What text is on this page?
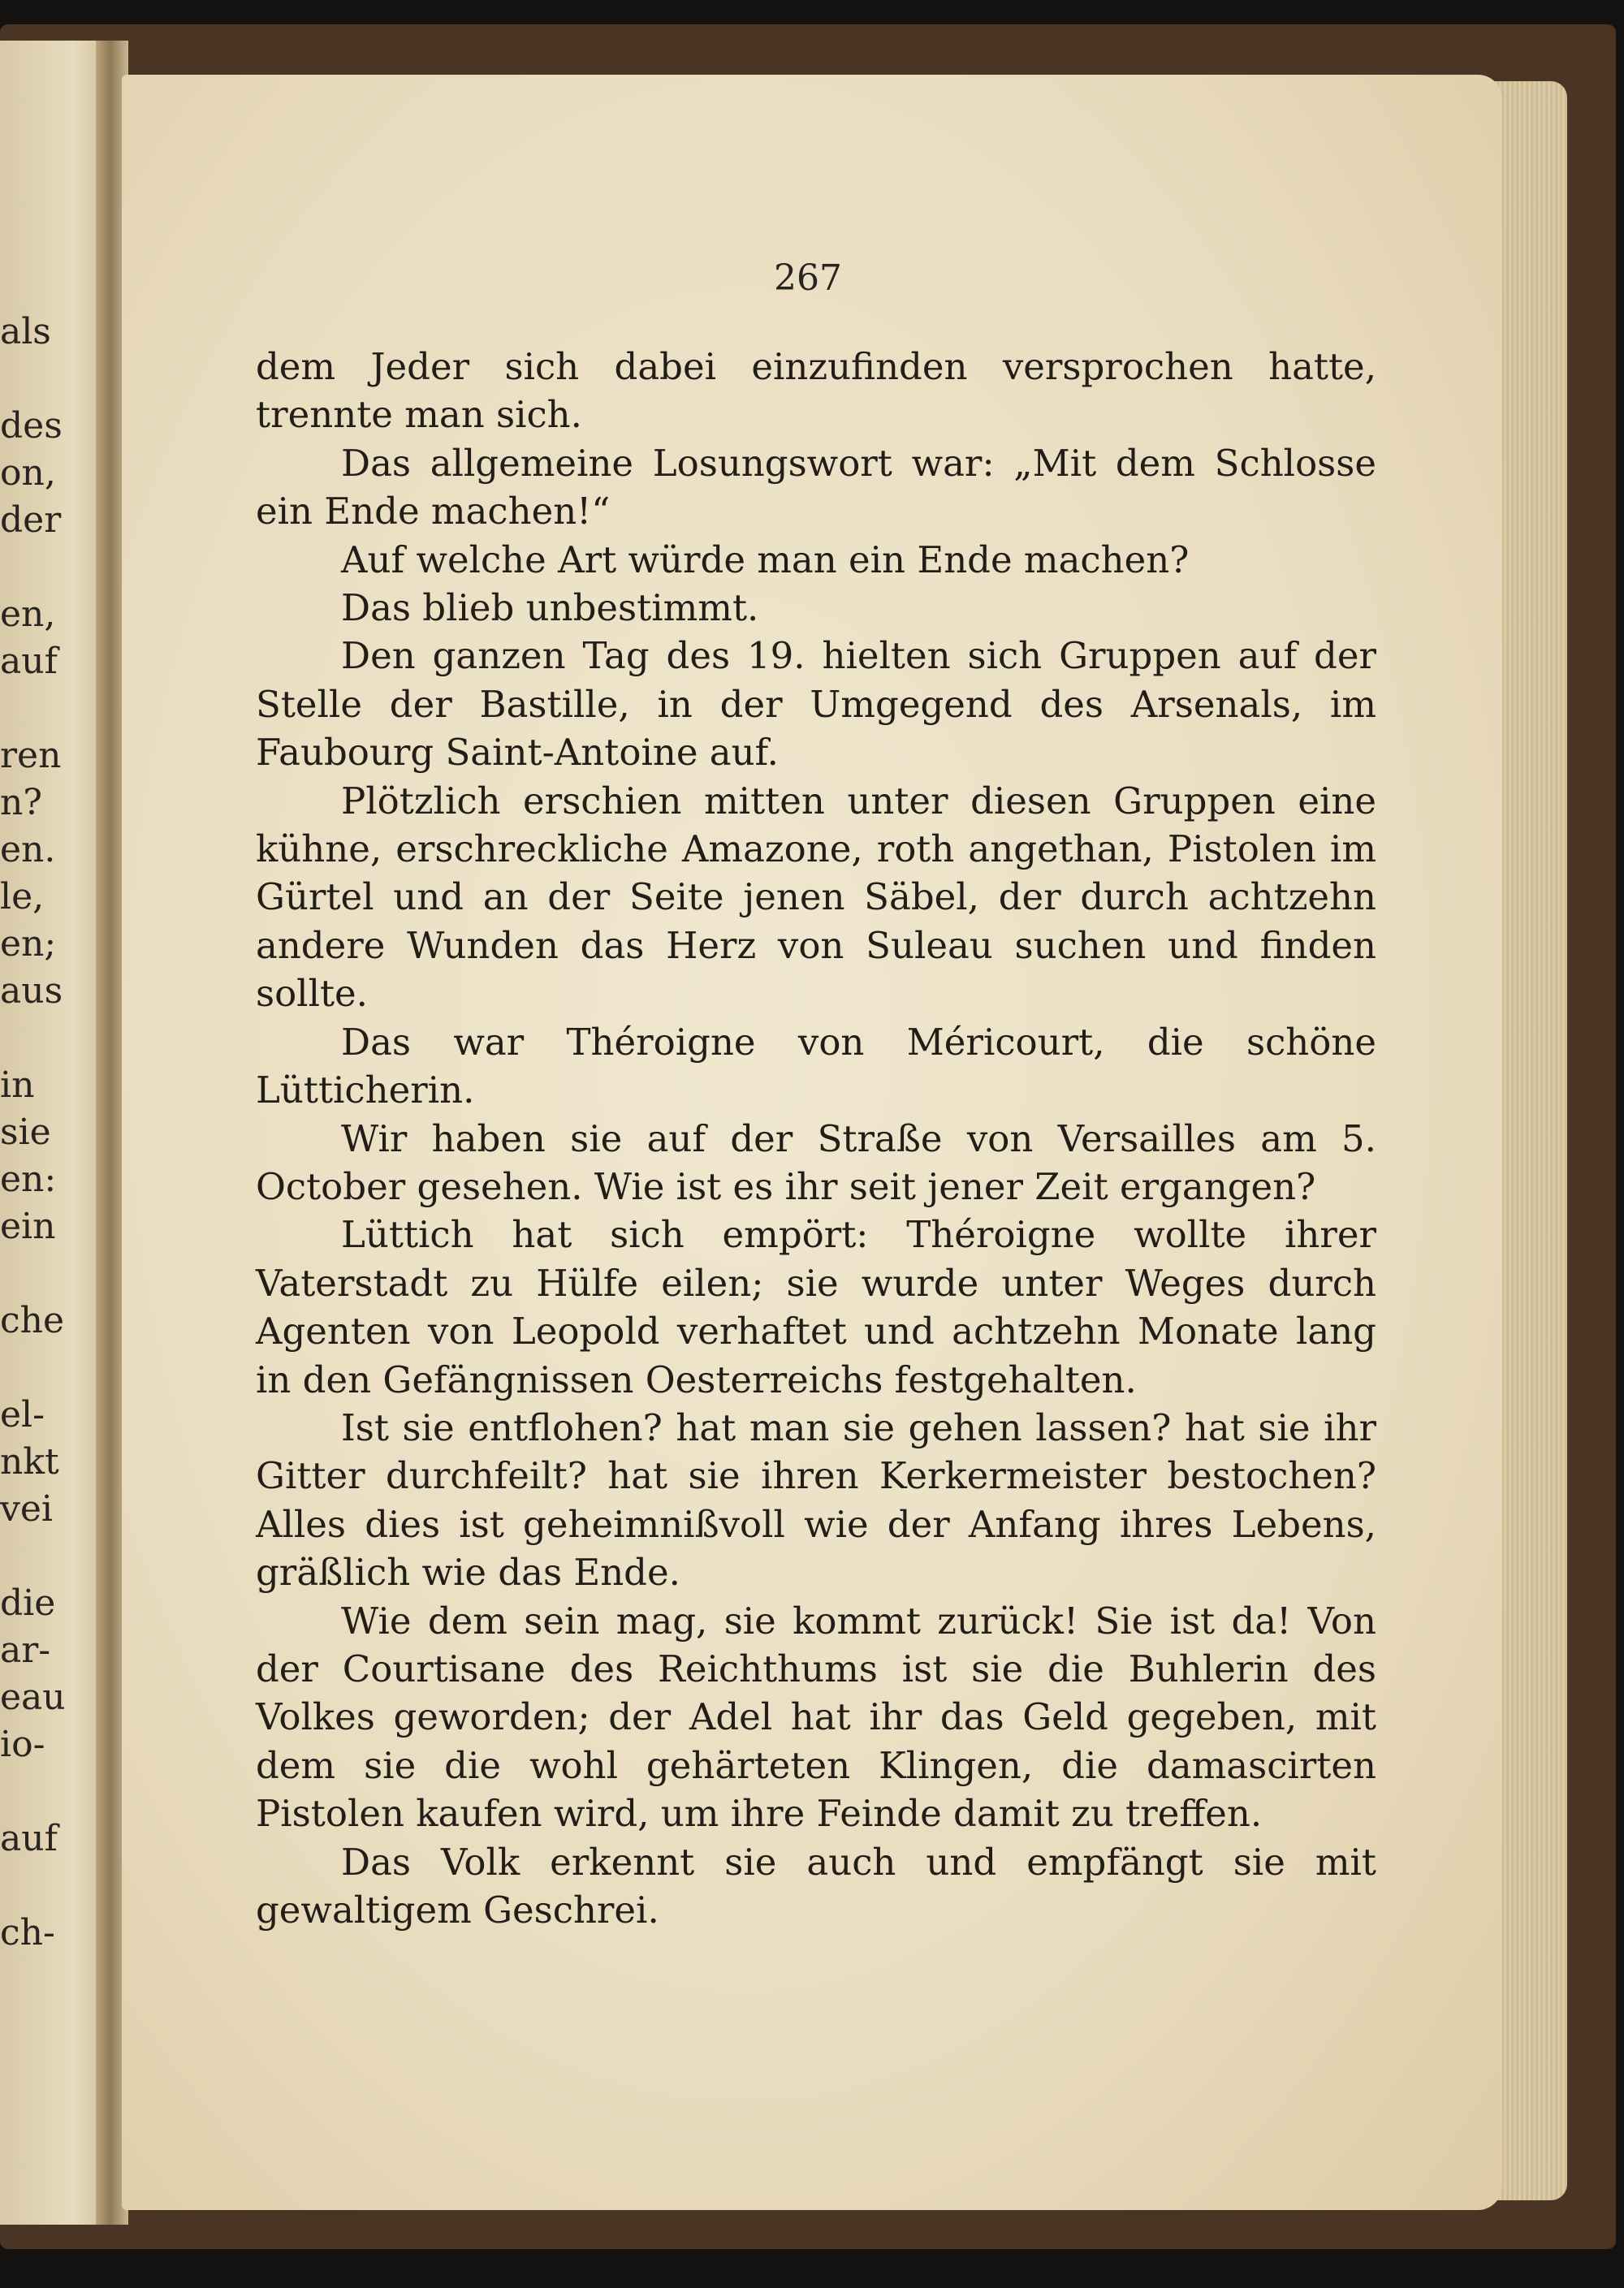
als
des
on,
der
en,
auf
ren
n?
en.
le,
en;
aus
in
sie
en:
ein
che
el-
nkt
vei
die
ar-
eau
io-
auf
ch-
267

dem Jeder sich dabei einzufinden versprochen hatte, trennte man sich.

Das allgemeine Losungswort war: „Mit dem Schlosse ein Ende machen!“

Auf welche Art würde man ein Ende machen?

Das blieb unbestimmt.

Den ganzen Tag des 19. hielten sich Gruppen auf der Stelle der Bastille, in der Umgegend des Arsenals, im Faubourg Saint-Antoine auf.

Plötzlich erschien mitten unter diesen Gruppen eine kühne, erschreckliche Amazone, roth angethan, Pistolen im Gürtel und an der Seite jenen Säbel, der durch achtzehn andere Wunden das Herz von Suleau suchen und finden sollte.

Das war Théroigne von Méricourt, die schöne Lütticherin.

Wir haben sie auf der Straße von Versailles am 5. October gesehen. Wie ist es ihr seit jener Zeit ergangen?

Lüttich hat sich empört: Théroigne wollte ihrer Vaterstadt zu Hülfe eilen; sie wurde unter Weges durch Agenten von Leopold verhaftet und achtzehn Monate lang in den Gefängnissen Oesterreichs festgehalten.

Ist sie entflohen? hat man sie gehen lassen? hat sie ihr Gitter durchfeilt? hat sie ihren Kerkermeister bestochen? Alles dies ist geheimnißvoll wie der Anfang ihres Lebens, gräßlich wie das Ende.

Wie dem sein mag, sie kommt zurück! Sie ist da! Von der Courtisane des Reichthums ist sie die Buhlerin des Volkes geworden; der Adel hat ihr das Geld gegeben, mit dem sie die wohl gehärteten Klingen, die damascirten Pistolen kaufen wird, um ihre Feinde damit zu treffen.

Das Volk erkennt sie auch und empfängt sie mit gewaltigem Geschrei.
